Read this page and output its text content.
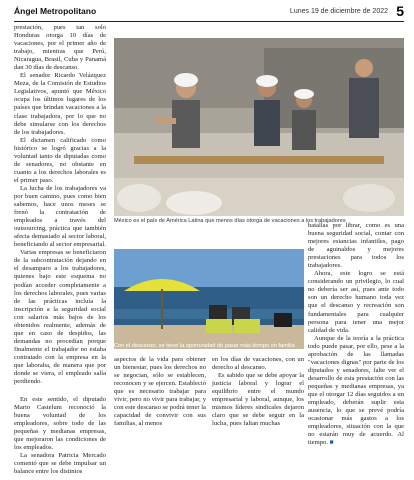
Ángel Metropolitano	Lunes 19 de diciembre de 2022 5

prestación, pues tan solo Honduras otorga 10 días de vacaciones, por el primer año de trabajo, mientras que Perú, Nicaragua, Brasil, Cuba y Panamá dan 30 días de descanso.

El senador Ricardo Velázquez Meza, de la Comisión de Estudios Legislativos, apuntó que México ocupa los últimos lugares de los países que brindan vacaciones a la clase trabajadora, por lo que no debe simularse con los derechos de los trabajadores.

El dictamen calificado como histórico se logró gracias a la voluntad tanto de diputadas como de senadores, no obstante en cuanto a los derechos laborales es el primer paso.

La lucha de los trabajadores va por buen camino, pues como bien sabemos, hace unos meses se frenó la contratación de empleados a través del outsourcing, práctica que también afecta demasiado al sector laboral, beneficiando al sector empresarial.

Varias empresas se beneficiaron de la subcontratación dejando en el desamparo a los trabajadores, quienes bajo este esquema no podían acceder completamente a los derechos laborales, pues varias de las prácticas incluía la inscripción a la seguridad social con salarios más bajos de los obtenidos realmente, además de que en caso de despidos, las demandas no procedían porque finalmente el trabajador no estaba contratado con la empresa en la que laboraba, de manera que por donde se viera, el empleado salía perdiendo.

En este sentido, el diputado Mario Castelum reconoció la buena voluntad de los empleadores, sobre todo de las pequeñas y medianas empresas, que mejoraron las condiciones de los empleados.

La senadora Patricia Mercado comentó que se debe impulsar un balance entre los distintos

México es el país de América Latina que menos días otorga de vacaciones a los trabajadores
Con el descanso, se tiene la oportunidad de pasar más tiempo en familia

aspectos de la vida para obtener un bienestar, pues los derechos no se negocian, sólo se establecen, reconocen y se ejercen. Estableció que es necesario trabajar para vivir, pero no vivir para trabajar, y con este descanso se podrá tener la capacidad de convivir con sus familias, al menos

en los días de vacaciones, con un derecho al descanso.

Es sabido que se debe apoyar la justicia laboral y lograr el equilibrio entre el mundo empresarial y laboral, aunque, los mismos líderes sindicales dejaron claro que se debe seguir en la lucha, pues faltan muchas

batallas por librar, como es una buena seguridad social, contar con mejores estancias infantiles, pago de aguinaldos y mejores prestaciones para todos los trabajadores.

Ahora, este logro se está considerando un privilegio, lo cual no debería ser así, pues ante todo son un derecho humano toda vez que el descanso y recreación son fundamentales para cualquier persona para tener una mejor calidad de vida.

Aunque de la teoría a la práctica todo puede pasar, por ello, pese a la aprobación de las llamadas "vacaciones dignas" por parte de los diputados y senadores, falte ver el desarrollo de esta prestación con las pequeñas y medianas empresas, ya que el otorgar 12 días seguidos a un empleado, deberán suplir esta ausencia, lo que se prevé podría ocasionar más gastos a los empleadores, situación con la que no estarán muy de acuerdo. Al tiempo. ■
